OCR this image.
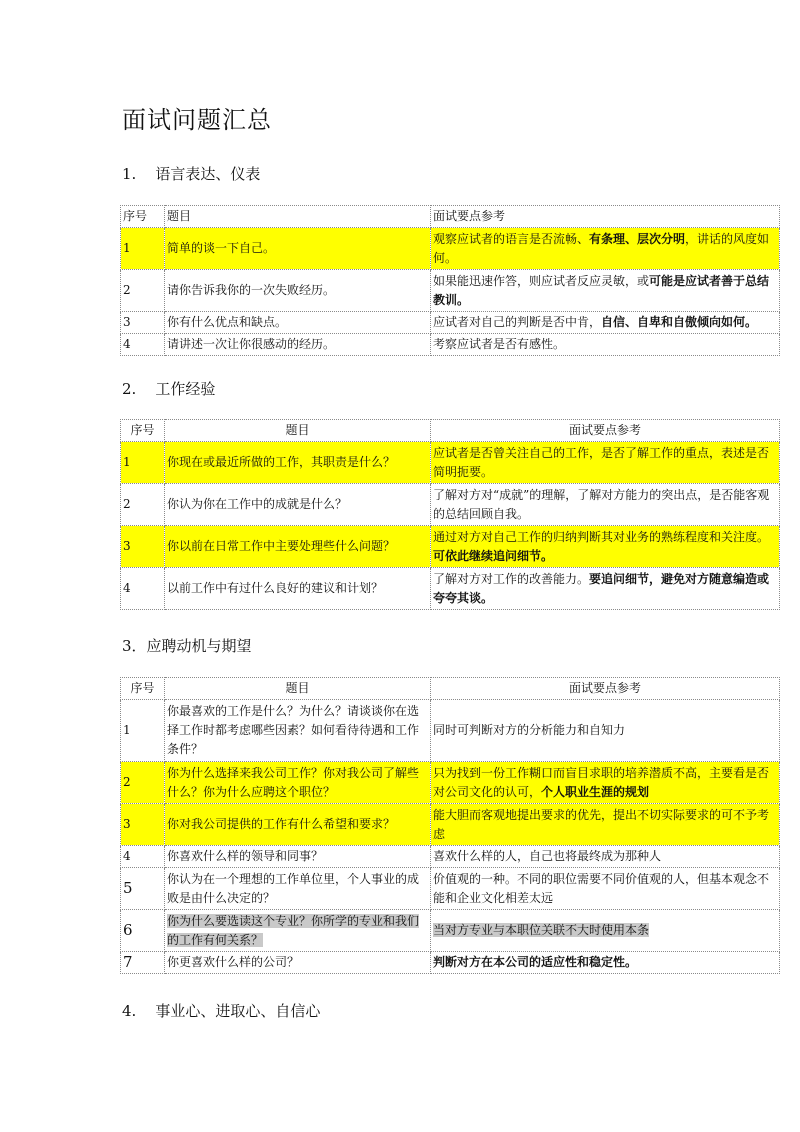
面试问题汇总
1.    语言表达、仪表
序号	题目	面试要点参考
1	简单的谈一下自己。	观察应试者的语言是否流畅、有条理、层次分明，讲话的风度如何。
2	请你告诉我你的一次失败经历。	如果能迅速作答，则应试者反应灵敏，或可能是应试者善于总结教训。
3	你有什么优点和缺点。	应试者对自己的判断是否中肯，自信、自卑和自傲倾向如何。
4	请讲述一次让你很感动的经历。	考察应试者是否有感性。
2.    工作经验
序号	题目	面试要点参考
1	你现在或最近所做的工作，其职责是什么？	应试者是否曾关注自己的工作，是否了解工作的重点，表述是否简明扼要。
2	你认为你在工作中的成就是什么？	了解对方对“成就”的理解，了解对方能力的突出点，是否能客观的总结回顾自我。
3	你以前在日常工作中主要处理些什么问题？	通过对方对自己工作的归纳判断其对业务的熟练程度和关注度。可依此继续追问细节。
4	以前工作中有过什么良好的建议和计划？	了解对方对工作的改善能力。要追问细节，避免对方随意编造或夸夸其谈。
3．应聘动机与期望
序号	题目	面试要点参考
1	你最喜欢的工作是什么？为什么？请谈谈你在选择工作时都考虑哪些因素？如何看待待遇和工作条件？	同时可判断对方的分析能力和自知力
2	你为什么选择来我公司工作？你对我公司了解些什么？你为什么应聘这个职位？	只为找到一份工作糊口而盲目求职的培养潜质不高，主要看是否对公司文化的认可，个人职业生涯的规划
3	你对我公司提供的工作有什么希望和要求？	能大胆而客观地提出要求的优先，提出不切实际要求的可不予考虑
4	你喜欢什么样的领导和同事？	喜欢什么样的人，自己也将最终成为那种人
5	你认为在一个理想的工作单位里，个人事业的成败是由什么决定的？	价值观的一种。不同的职位需要不同价值观的人，但基本观念不能和企业文化相差太远
6	你为什么要选读这个专业？你所学的专业和我们的工作有何关系？	当对方专业与本职位关联不大时使用本条
7	你更喜欢什么样的公司？	判断对方在本公司的适应性和稳定性。
4.    事业心、进取心、自信心
